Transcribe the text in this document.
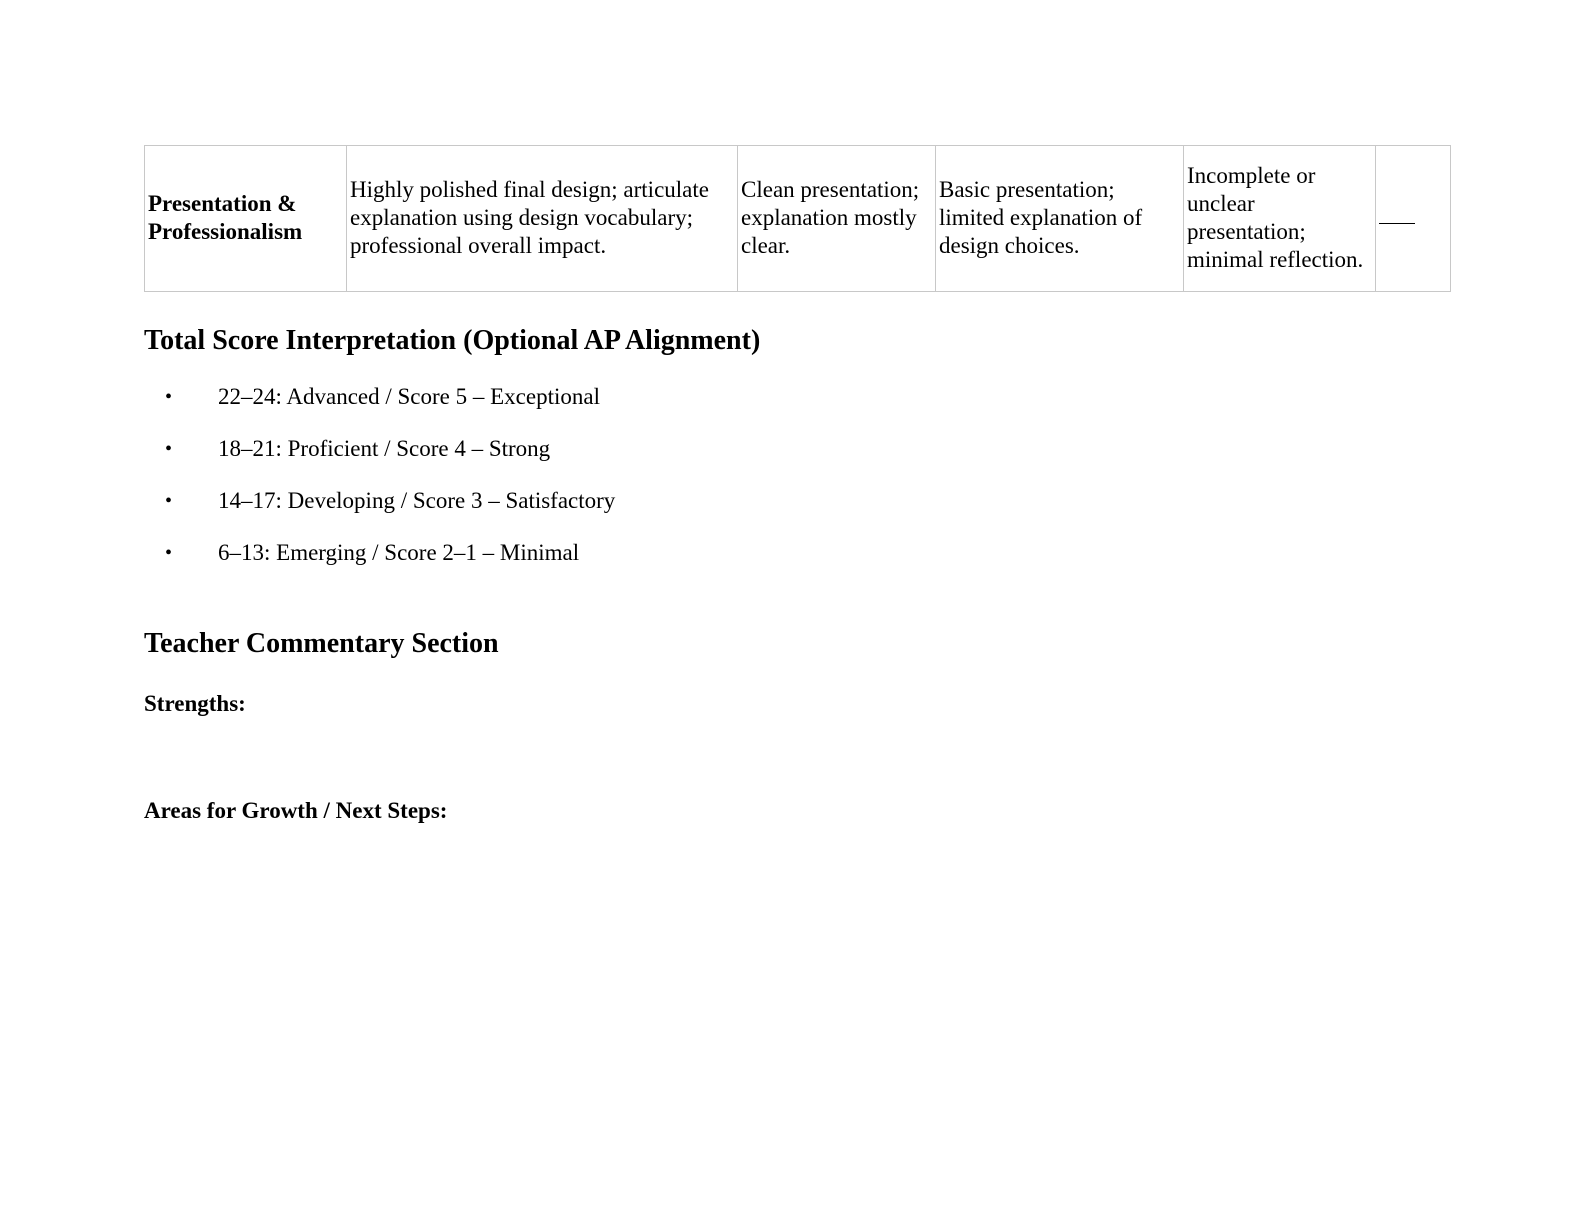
Presentation & Professionalism	Highly polished final design; articulate explanation using design vocabulary; professional overall impact.	Clean presentation; explanation mostly clear.	Basic presentation; limited explanation of design choices.	Incomplete or unclear presentation; minimal reflection.	
Total Score Interpretation (Optional AP Alignment)
• 22–24: Advanced / Score 5 – Exceptional
• 18–21: Proficient / Score 4 – Strong
• 14–17: Developing / Score 3 – Satisfactory
• 6–13: Emerging / Score 2–1 – Minimal
Teacher Commentary Section

Strengths:

Areas for Growth / Next Steps:
